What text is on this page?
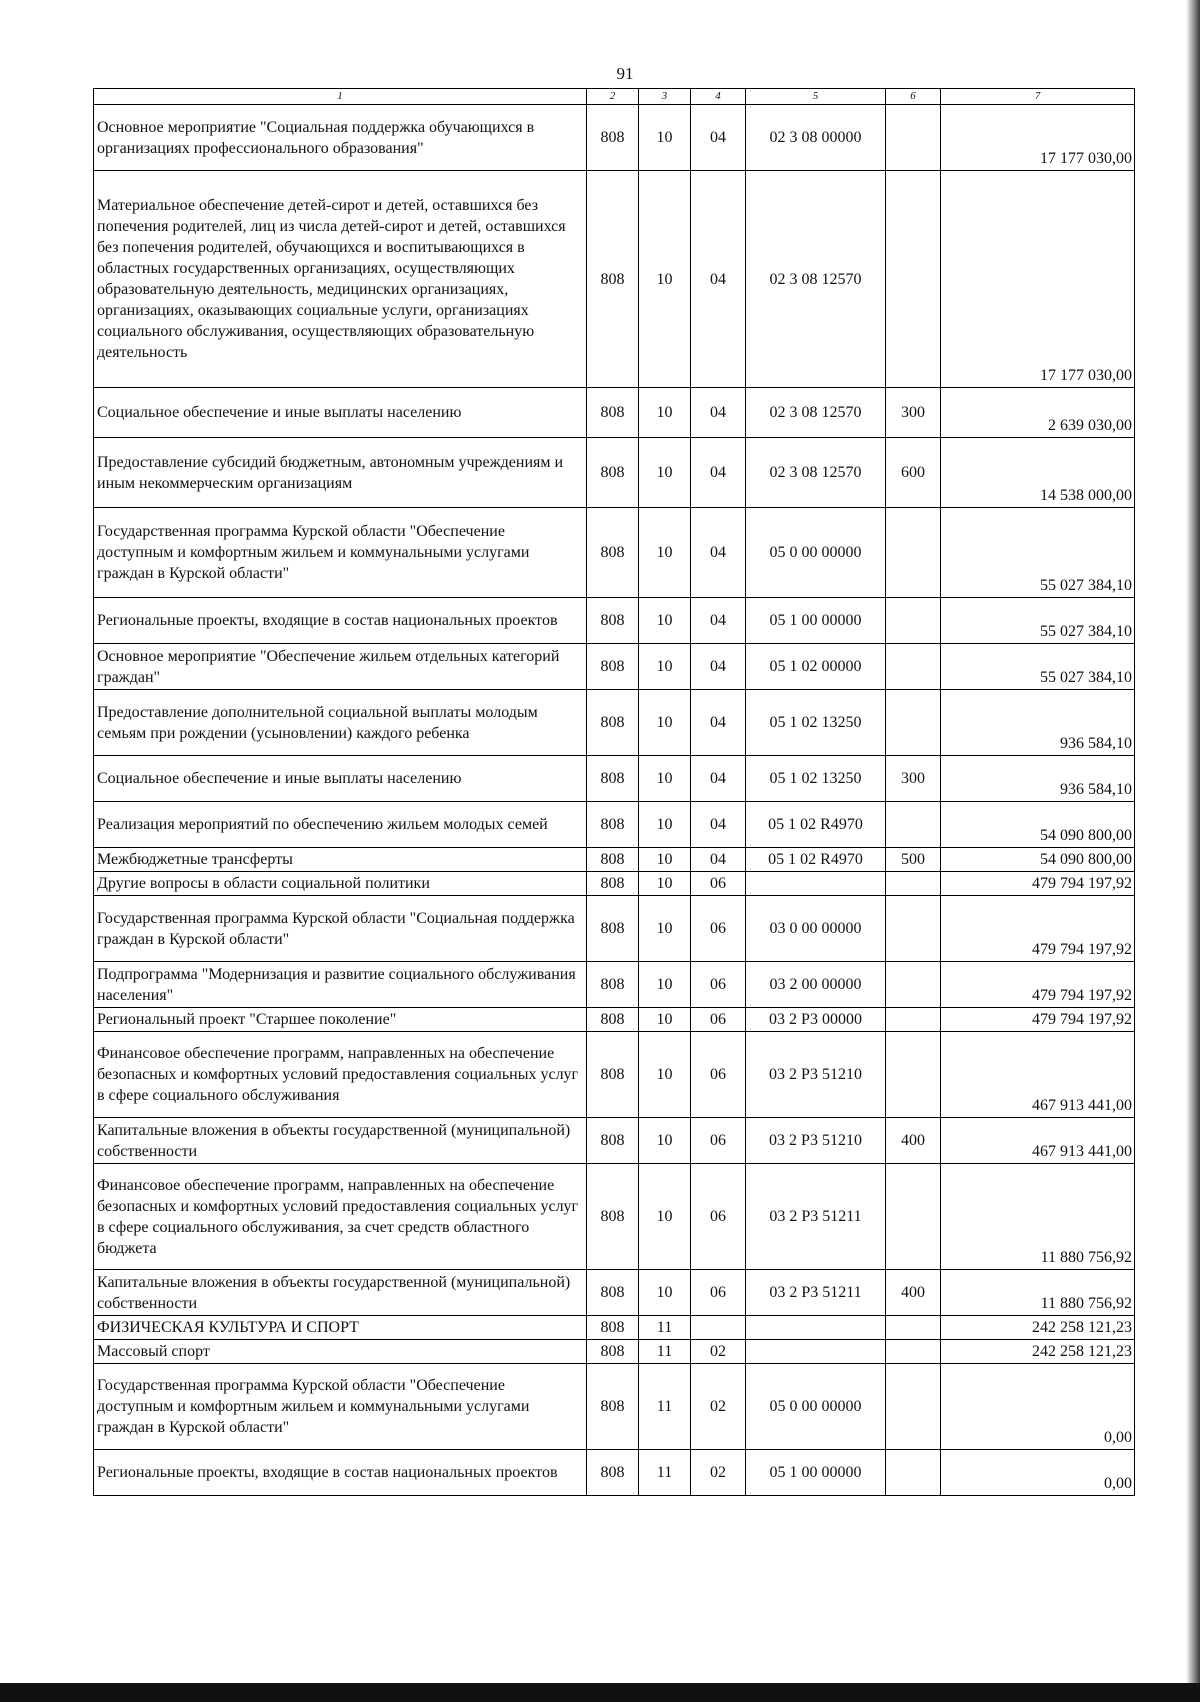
91
1	2	3	4	5	6	7
Основное мероприятие "Социальная поддержка обучающихся в организациях профессионального образования"	808	10	04	02 3 08 00000		17 177 030,00
Материальное обеспечение детей-сирот и детей, оставшихся без попечения родителей, лиц из числа детей-сирот и детей, оставшихся без попечения родителей, обучающихся и воспитывающихся в областных государственных организациях, осуществляющих образовательную деятельность, медицинских организациях, организациях, оказывающих социальные услуги, организациях социального обслуживания, осуществляющих образовательную деятельность	808	10	04	02 3 08 12570		17 177 030,00
Социальное обеспечение и иные выплаты населению	808	10	04	02 3 08 12570	300	2 639 030,00
Предоставление субсидий бюджетным, автономным учреждениям и иным некоммерческим организациям	808	10	04	02 3 08 12570	600	14 538 000,00
Государственная программа Курской области "Обеспечение доступным и комфортным жильем и коммунальными услугами граждан в Курской области"	808	10	04	05 0 00 00000		55 027 384,10
Региональные проекты, входящие в состав национальных проектов	808	10	04	05 1 00 00000		55 027 384,10
Основное мероприятие "Обеспечение жильем отдельных категорий граждан"	808	10	04	05 1 02 00000		55 027 384,10
Предоставление дополнительной социальной выплаты молодым семьям при рождении (усыновлении) каждого ребенка	808	10	04	05 1 02 13250		936 584,10
Социальное обеспечение и иные выплаты населению	808	10	04	05 1 02 13250	300	936 584,10
Реализация мероприятий по обеспечению жильем молодых семей	808	10	04	05 1 02 R4970		54 090 800,00
Межбюджетные трансферты	808	10	04	05 1 02 R4970	500	54 090 800,00
Другие вопросы в области социальной политики	808	10	06			479 794 197,92
Государственная программа Курской области "Социальная поддержка граждан в Курской области"	808	10	06	03 0 00 00000		479 794 197,92
Подпрограмма "Модернизация и развитие социального обслуживания населения"	808	10	06	03 2 00 00000		479 794 197,92
Региональный проект "Старшее поколение"	808	10	06	03 2 P3 00000		479 794 197,92
Финансовое обеспечение программ, направленных на обеспечение безопасных и комфортных условий предоставления социальных услуг в сфере социального обслуживания	808	10	06	03 2 P3 51210		467 913 441,00
Капитальные вложения в объекты государственной (муниципальной) собственности	808	10	06	03 2 P3 51210	400	467 913 441,00
Финансовое обеспечение программ, направленных на обеспечение безопасных и комфортных условий предоставления социальных услуг в сфере социального обслуживания, за счет средств областного бюджета	808	10	06	03 2 P3 51211		11 880 756,92
Капитальные вложения в объекты государственной (муниципальной) собственности	808	10	06	03 2 P3 51211	400	11 880 756,92
ФИЗИЧЕСКАЯ КУЛЬТУРА И СПОРТ	808	11				242 258 121,23
Массовый спорт	808	11	02			242 258 121,23
Государственная программа Курской области "Обеспечение доступным и комфортным жильем и коммунальными услугами граждан в Курской области"	808	11	02	05 0 00 00000		0,00
Региональные проекты, входящие в состав национальных проектов	808	11	02	05 1 00 00000		0,00
